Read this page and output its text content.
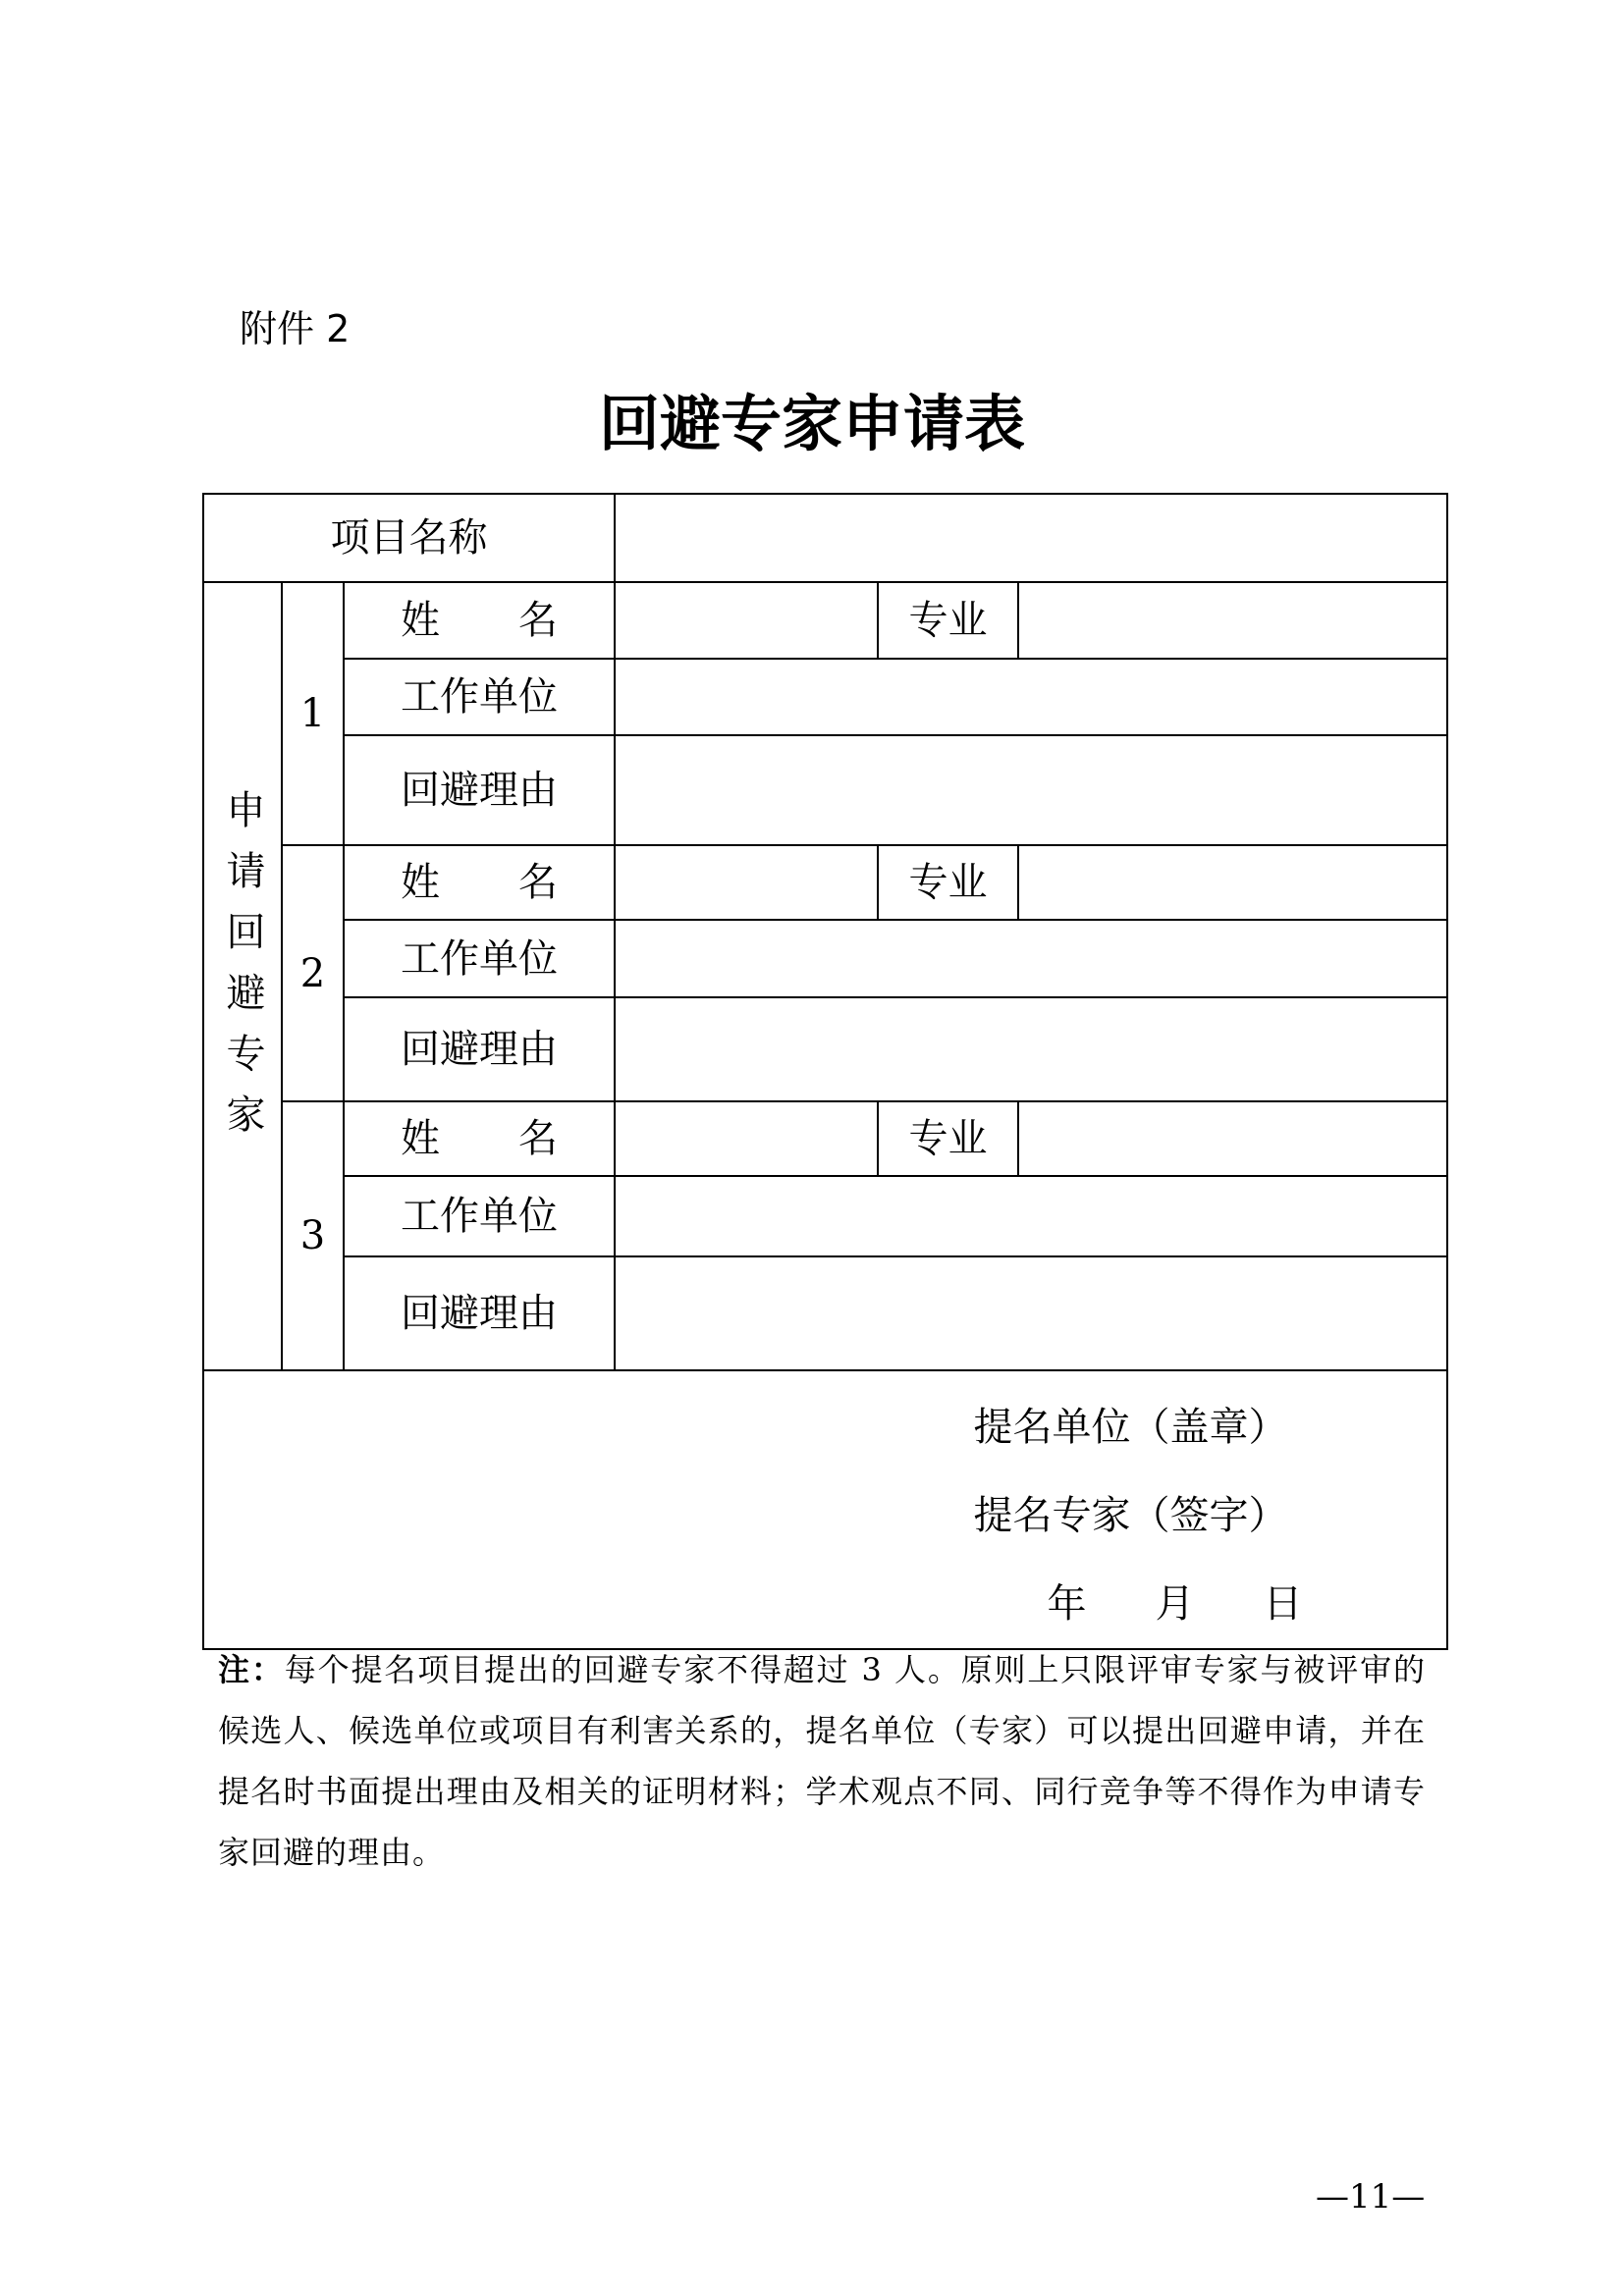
附件 2
回避专家申请表
项目名称					
申请回避专家	1	姓 名		专业	
		工作单位			
		回避理由			
	2	姓 名		专业	
		工作单位			
		回避理由			
	3	姓 名		专业	
		工作单位			
		回避理由			

提名单位（盖章）
提名专家（签字）
年 月 日					
注：每个提名项目提出的回避专家不得超过 3 人。原则上只限评审专家与被评审的候选人、候选单位或项目有利害关系的，提名单位（专家）可以提出回避申请，并在提名时书面提出理由及相关的证明材料；学术观点不同、同行竞争等不得作为申请专家回避的理由。
—11—
